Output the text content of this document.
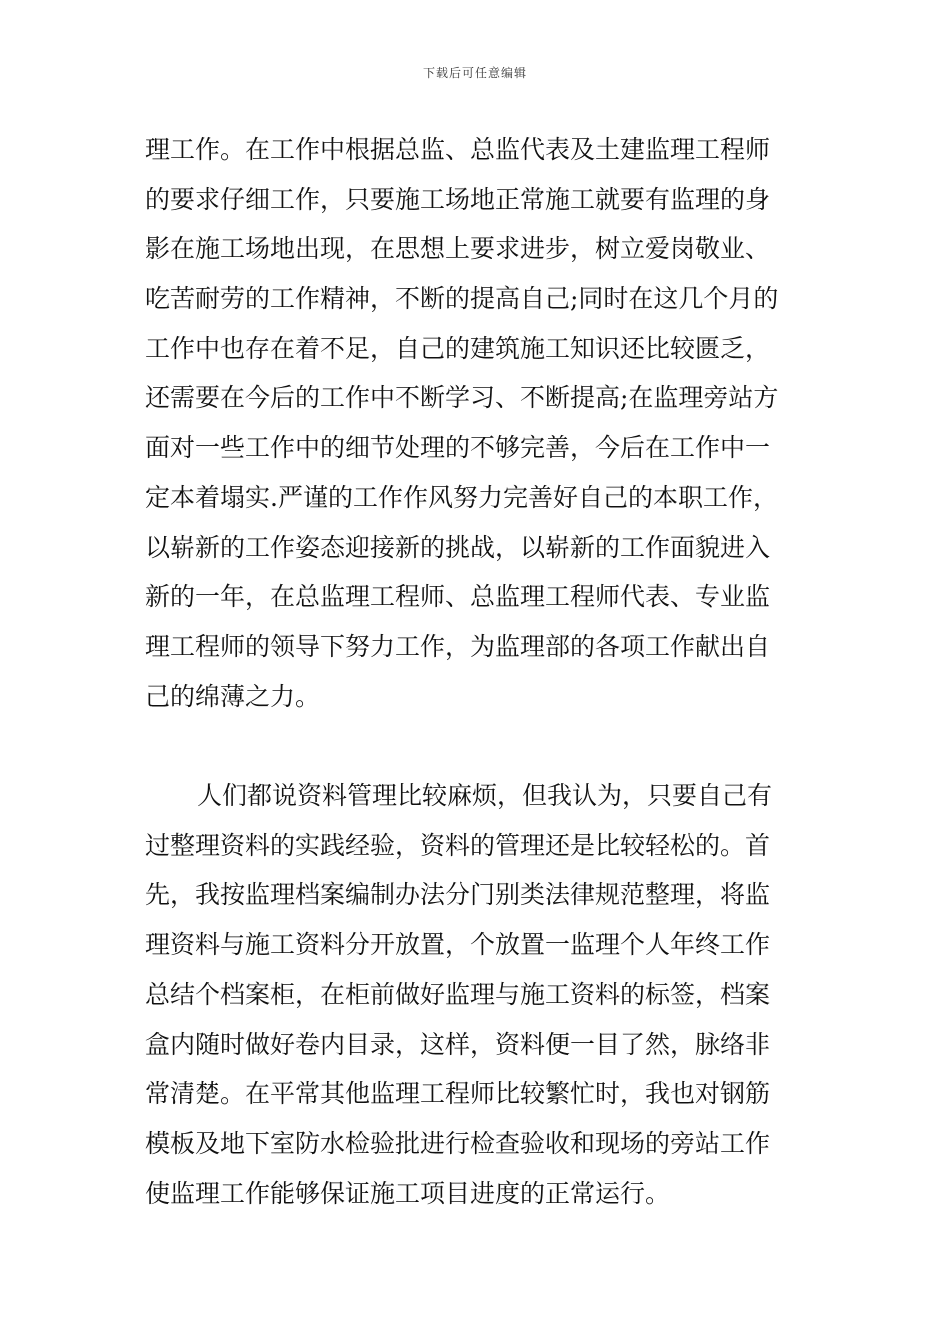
下载后可任意编辑
理工作。在工作中根据总监、总监代表及土建监理工程师
的要求仔细工作，只要施工场地正常施工就要有监理的身
影在施工场地出现，在思想上要求进步，树立爱岗敬业、
吃苦耐劳的工作精神，不断的提高自己;同时在这几个月的
工作中也存在着不足，自己的建筑施工知识还比较匮乏，
还需要在今后的工作中不断学习、不断提高;在监理旁站方
面对一些工作中的细节处理的不够完善，今后在工作中一
定本着塌实.严谨的工作作风努力完善好自己的本职工作，
以崭新的工作姿态迎接新的挑战，以崭新的工作面貌进入
新的一年，在总监理工程师、总监理工程师代表、专业监
理工程师的领导下努力工作，为监理部的各项工作献出自
己的绵薄之力。
人们都说资料管理比较麻烦，但我认为，只要自己有
过整理资料的实践经验，资料的管理还是比较轻松的。首
先，我按监理档案编制办法分门别类法律规范整理，将监
理资料与施工资料分开放置，个放置一监理个人年终工作
总结个档案柜，在柜前做好监理与施工资料的标签，档案
盒内随时做好卷内目录，这样，资料便一目了然，脉络非
常清楚。在平常其他监理工程师比较繁忙时，我也对钢筋
模板及地下室防水检验批进行检查验收和现场的旁站工作
使监理工作能够保证施工项目进度的正常运行。
